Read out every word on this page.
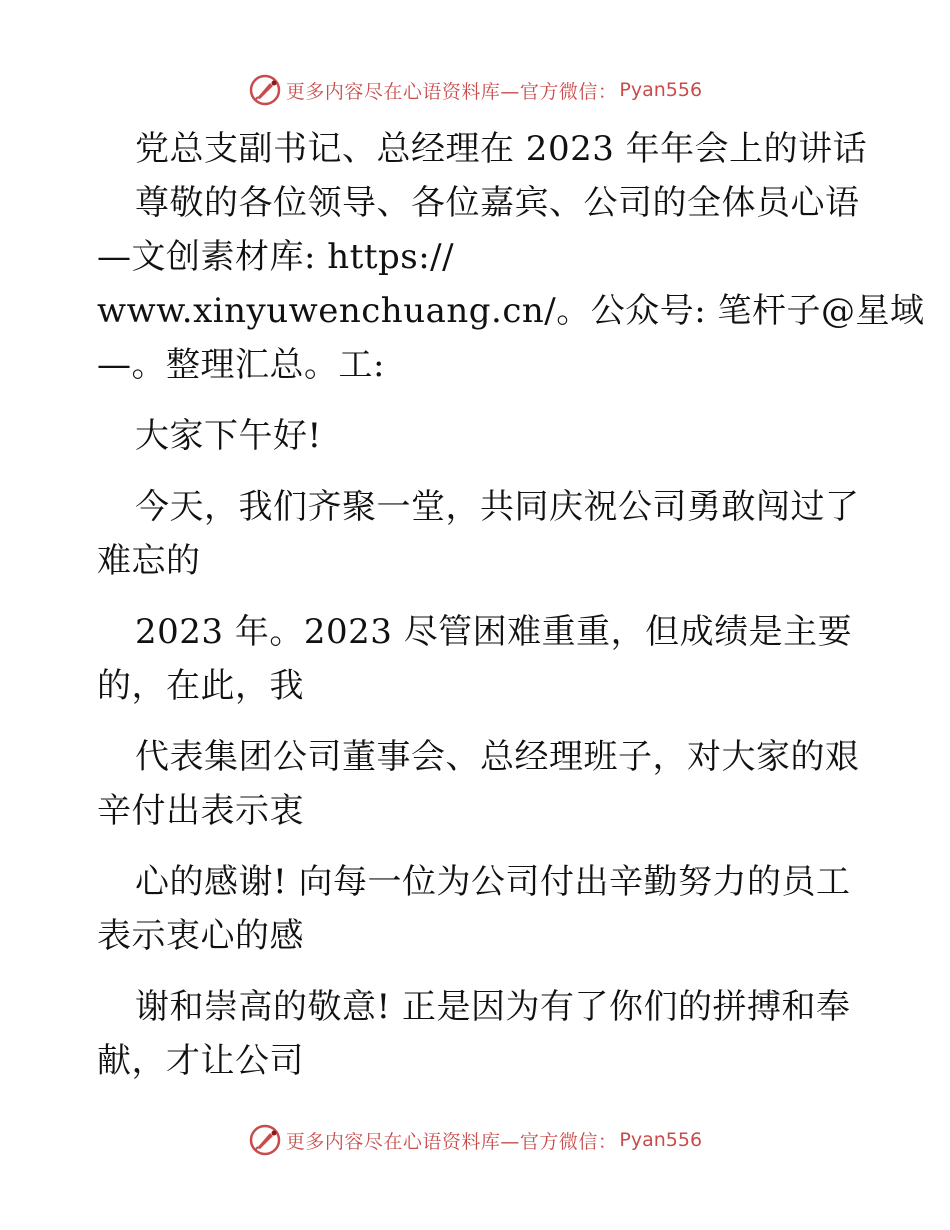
更多内容尽在心语资料库—官方微信： Pyan556
党总支副书记、总经理在 2023 年年会上的讲话
尊敬的各位领导、各位嘉宾、公司的全体员心语
—文创素材库: https://
www.xinyuwenchuang.cn/。公众号: 笔杆子@星域
—。整理汇总。工:
大家下午好!
今天，我们齐聚一堂，共同庆祝公司勇敢闯过了
难忘的
2023 年。2023 尽管困难重重，但成绩是主要
的，在此，我
代表集团公司董事会、总经理班子，对大家的艰
辛付出表示衷
心的感谢! 向每一位为公司付出辛勤努力的员工
表示衷心的感
谢和崇高的敬意! 正是因为有了你们的拼搏和奉
献，才让公司
更多内容尽在心语资料库—官方微信： Pyan556
